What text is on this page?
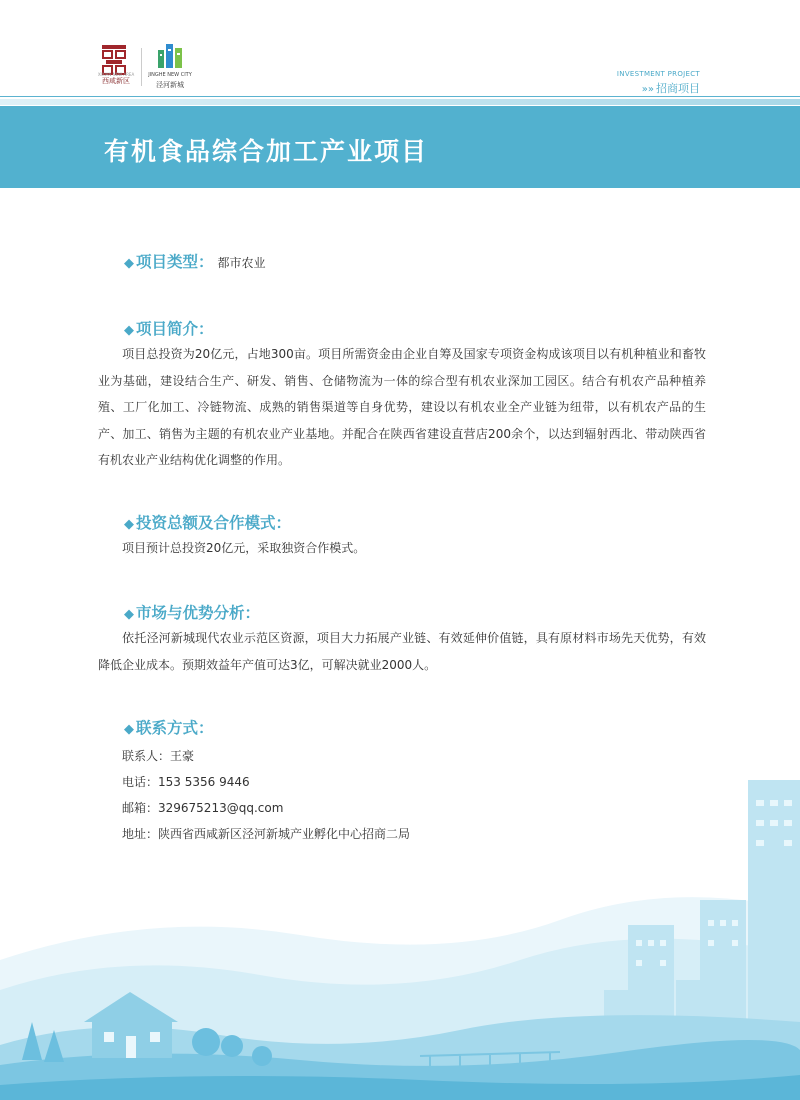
XIXIAN NEW AREA
西咸新区
JINGHE NEW CITY
泾河新城
INVESTMENT PROJECT
»» 招商项目
有机食品综合加工产业项目
◆ 项目类型： 都市农业
◆ 项目简介：
项目总投资为20亿元，占地300亩。项目所需资金由企业自筹及国家专项资金构成该项目以有机种植业和畜牧业为基础，建设结合生产、研发、销售、仓储物流为一体的综合型有机农业深加工园区。结合有机农产品种植养殖、工厂化加工、冷链物流、成熟的销售渠道等自身优势，建设以有机农业全产业链为纽带，以有机农产品的生产、加工、销售为主题的有机农业产业基地。并配合在陕西省建设直营店200余个，以达到辐射西北、带动陕西省有机农业产业结构优化调整的作用。
◆ 投资总额及合作模式：
项目预计总投资20亿元，采取独资合作模式。
◆ 市场与优势分析：
依托泾河新城现代农业示范区资源，项目大力拓展产业链、有效延伸价值链，具有原材料市场先天优势，有效降低企业成本。预期效益年产值可达3亿，可解决就业2000人。
◆ 联系方式：
联系人：王豪
电话：153 5356 9446
邮箱：329675213@qq.com
地址：陕西省西咸新区泾河新城产业孵化中心招商二局
